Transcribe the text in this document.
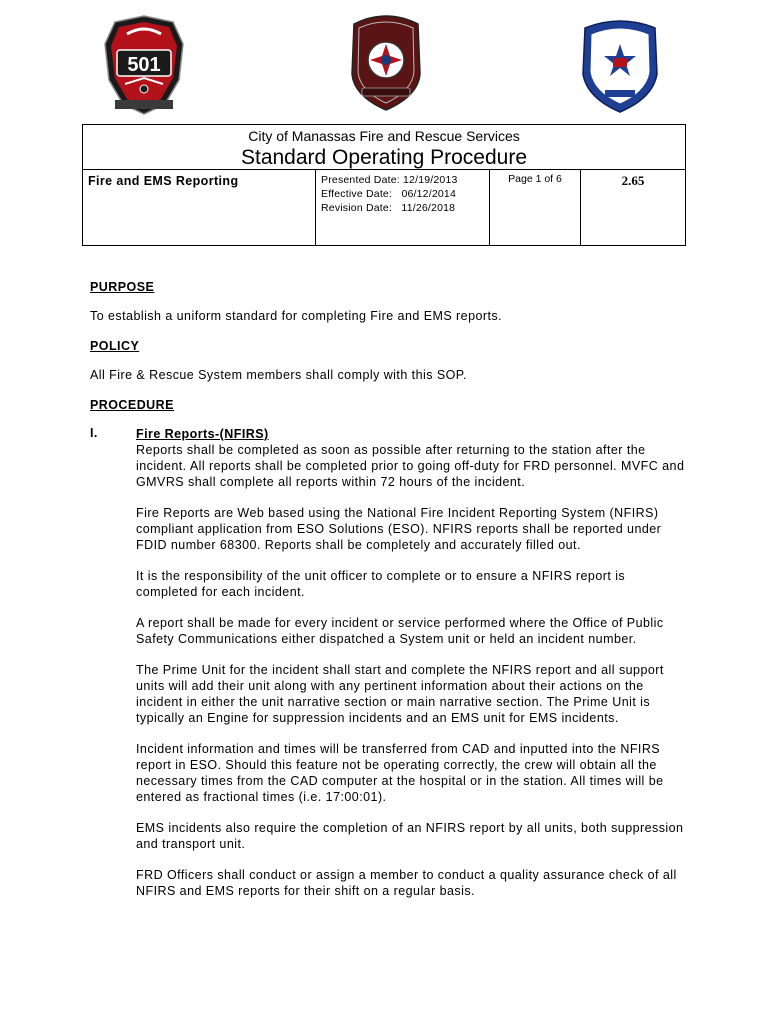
501
City of Manassas Fire and Rescue Services
Standard Operating Procedure
Fire and EMS Reporting	Presented Date: 12/19/2013
Effective Date:   06/12/2014
Revision Date:   11/26/2018
Page 1 of 6	2.65

PURPOSE

To establish a uniform standard for completing Fire and EMS reports.

POLICY

All Fire & Rescue System members shall comply with this SOP.

PROCEDURE

I.	Fire Reports-(NFIRS)

Reports shall be completed as soon as possible after returning to the station after the incident. All reports shall be completed prior to going off-duty for FRD personnel. MVFC and GMVRS shall complete all reports within 72 hours of the incident.

Fire Reports are Web based using the National Fire Incident Reporting System (NFIRS) compliant application from ESO Solutions (ESO). NFIRS reports shall be reported under FDID number 68300. Reports shall be completely and accurately filled out.

It is the responsibility of the unit officer to complete or to ensure a NFIRS report is completed for each incident.

A report shall be made for every incident or service performed where the Office of Public Safety Communications either dispatched a System unit or held an incident number.

The Prime Unit for the incident shall start and complete the NFIRS report and all support units will add their unit along with any pertinent information about their actions on the incident in either the unit narrative section or main narrative section. The Prime Unit is typically an Engine for suppression incidents and an EMS unit for EMS incidents.

Incident information and times will be transferred from CAD and inputted into the NFIRS report in ESO. Should this feature not be operating correctly, the crew will obtain all the necessary times from the CAD computer at the hospital or in the station. All times will be entered as fractional times (i.e. 17:00:01).

EMS incidents also require the completion of an NFIRS report by all units, both suppression and transport unit.

FRD Officers shall conduct or assign a member to conduct a quality assurance check of all NFIRS and EMS reports for their shift on a regular basis.
